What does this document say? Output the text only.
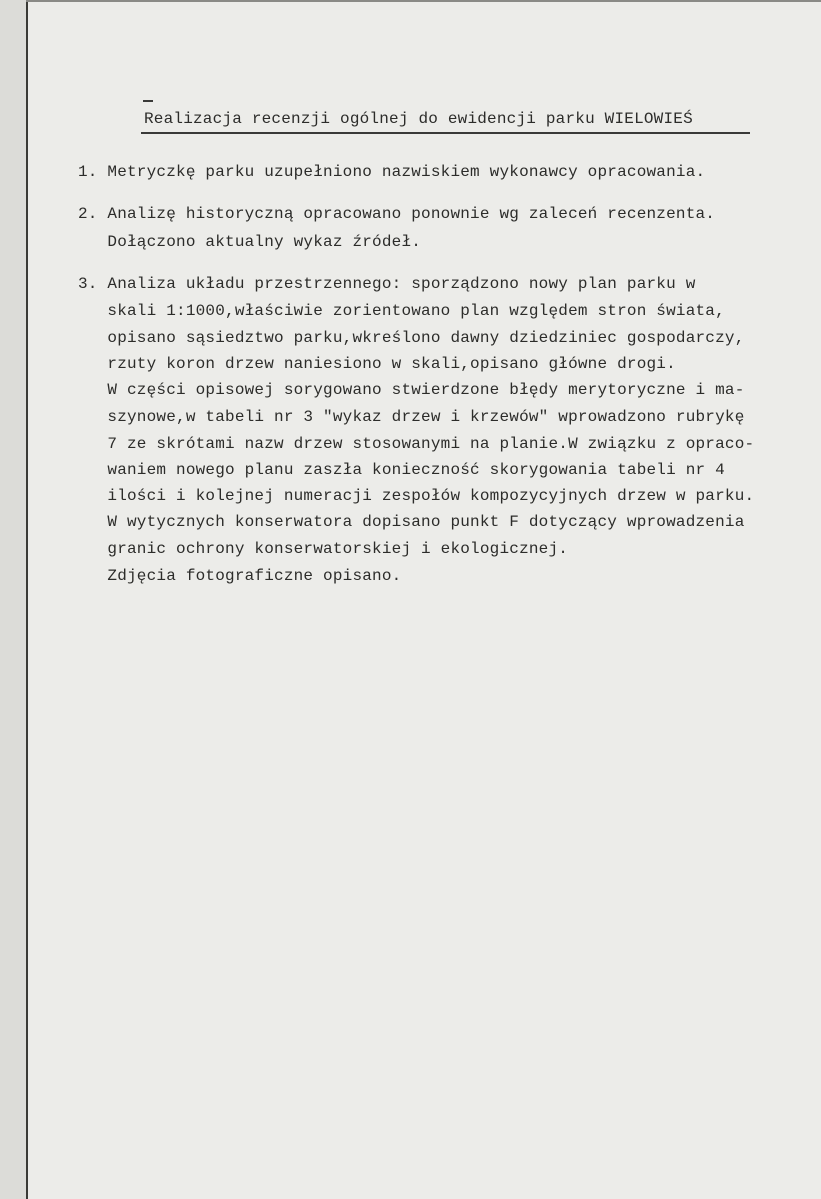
Realizacja recenzji ogólnej do ewidencji parku WIELOWIEŚ
1. Metryczkę parku uzupełniono nazwiskiem wykonawcy opracowania.
2. Analizę historyczną opracowano ponownie wg zaleceń recenzenta.
Dołączono aktualny wykaz źródeł.
3. Analiza układu przestrzennego: sporządzono nowy plan parku w
skali 1:1000,właściwie zorientowano plan względem stron świata,
opisano sąsiedztwo parku,wkreślono dawny dziedziniec gospodarczy,
rzuty koron drzew naniesiono w skali,opisano główne drogi.
W części opisowej sorygowano stwierdzone błędy merytoryczne i ma-
szynowe,w tabeli nr 3 "wykaz drzew i krzewów" wprowadzono rubrykę
7 ze skrótami nazw drzew stosowanymi na planie.W związku z opraco-
waniem nowego planu zaszła konieczność skorygowania tabeli nr 4
ilości i kolejnej numeracji zespołów kompozycyjnych drzew w parku.
W wytycznych konserwatora dopisano punkt F dotyczący wprowadzenia
granic ochrony konserwatorskiej i ekologicznej.
Zdjęcia fotograficzne opisano.
